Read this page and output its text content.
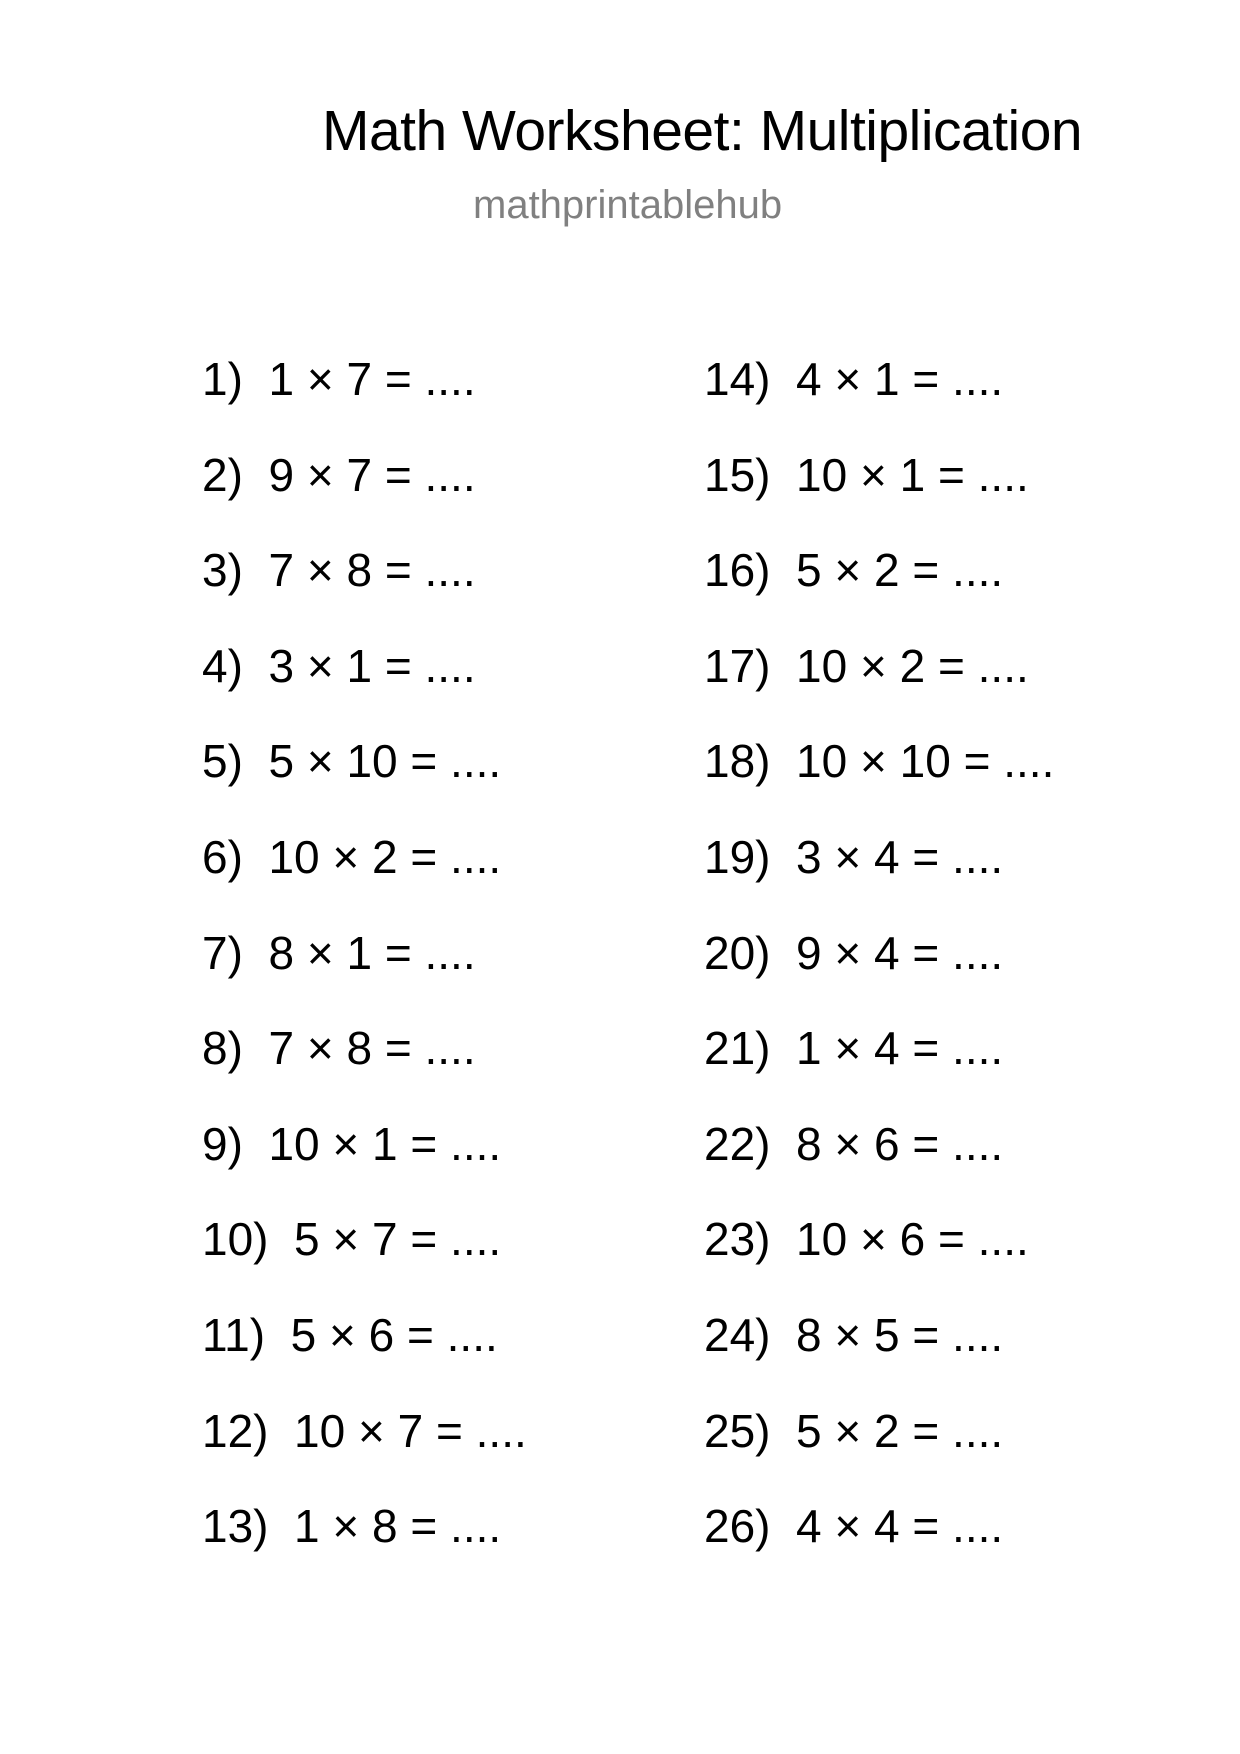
Math Worksheet: Multiplication
mathprintablehub
1)  1 × 7 = ....
2)  9 × 7 = ....
3)  7 × 8 = ....
4)  3 × 1 = ....
5)  5 × 10 = ....
6)  10 × 2 = ....
7)  8 × 1 = ....
8)  7 × 8 = ....
9)  10 × 1 = ....
10)  5 × 7 = ....
11)  5 × 6 = ....
12)  10 × 7 = ....
13)  1 × 8 = ....
14)  4 × 1 = ....
15)  10 × 1 = ....
16)  5 × 2 = ....
17)  10 × 2 = ....
18)  10 × 10 = ....
19)  3 × 4 = ....
20)  9 × 4 = ....
21)  1 × 4 = ....
22)  8 × 6 = ....
23)  10 × 6 = ....
24)  8 × 5 = ....
25)  5 × 2 = ....
26)  4 × 4 = ....
